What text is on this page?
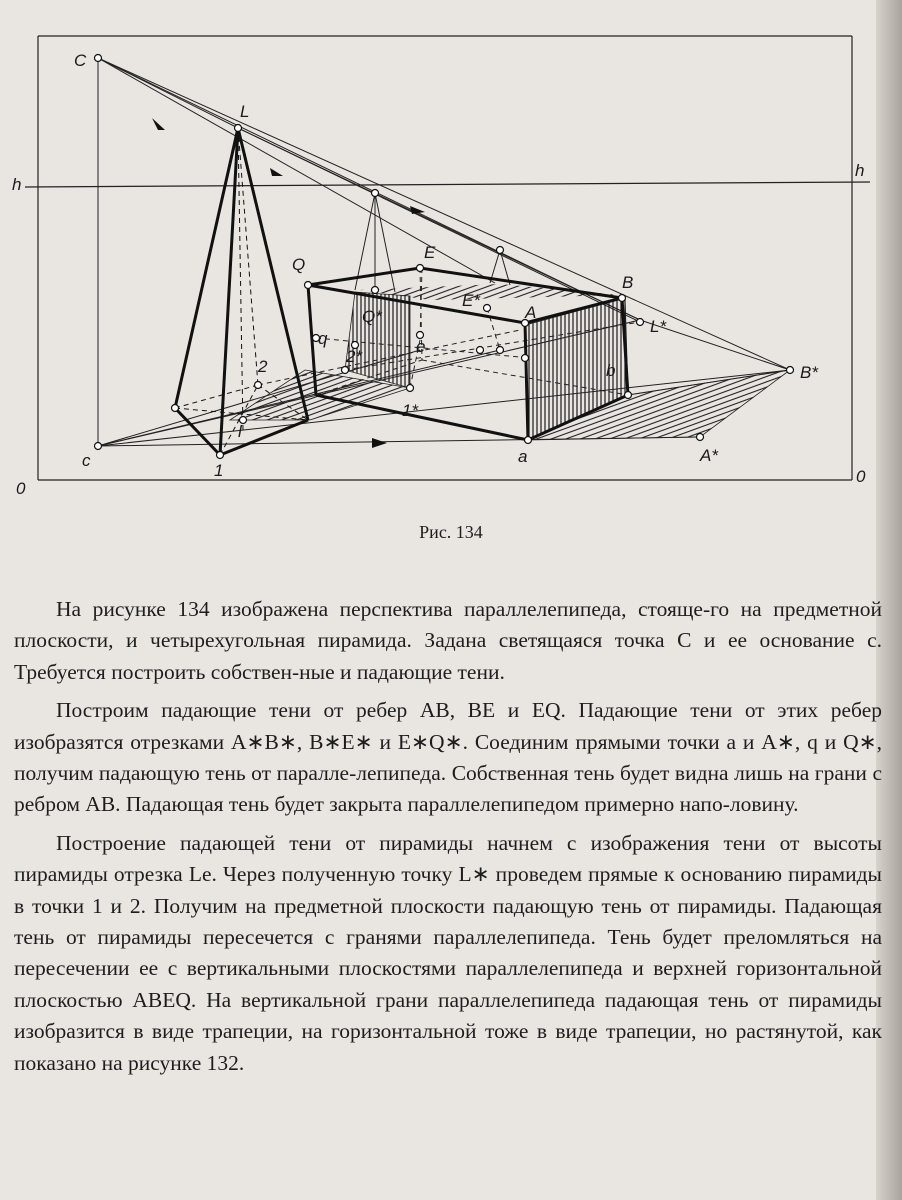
C
L
h
h
Q
E
B
E*
A
L*
Q*
q	e
2*
2	B*
b
1*
l
c
1
a	A*
0
0
Рис. 134

На рисунке 134 изображена перспектива параллелепипеда, стояще-го на предметной плоскости, и четырехугольная пирамида. Задана светящаяся точка C и ее основание c. Требуется построить собствен-ные и падающие тени.

Построим падающие тени от ребер AB, BE и EQ. Падающие тени от этих ребер изобразятся отрезками A∗B∗, B∗E∗ и E∗Q∗. Соединим прямыми точки a и A∗, q и Q∗, получим падающую тень от паралле-лепипеда. Собственная тень будет видна лишь на грани с ребром AB. Падающая тень будет закрыта параллелепипедом примерно напо-ловину.

Построение падающей тени от пирамиды начнем с изображения тени от высоты пирамиды отрезка Le. Через полученную точку L∗ проведем прямые к основанию пирамиды в точки 1 и 2. Получим на предметной плоскости падающую тень от пирамиды. Падающая тень от пирамиды пересечется с гранями параллелепипеда. Тень будет преломляться на пересечении ее с вертикальными плоскостями параллелепипеда и верхней горизонтальной плоскостью ABEQ. На вертикальной грани параллелепипеда падающая тень от пирамиды изобразится в виде трапеции, на горизонтальной тоже в виде трапеции, но растянутой, как показано на рисунке 132.
